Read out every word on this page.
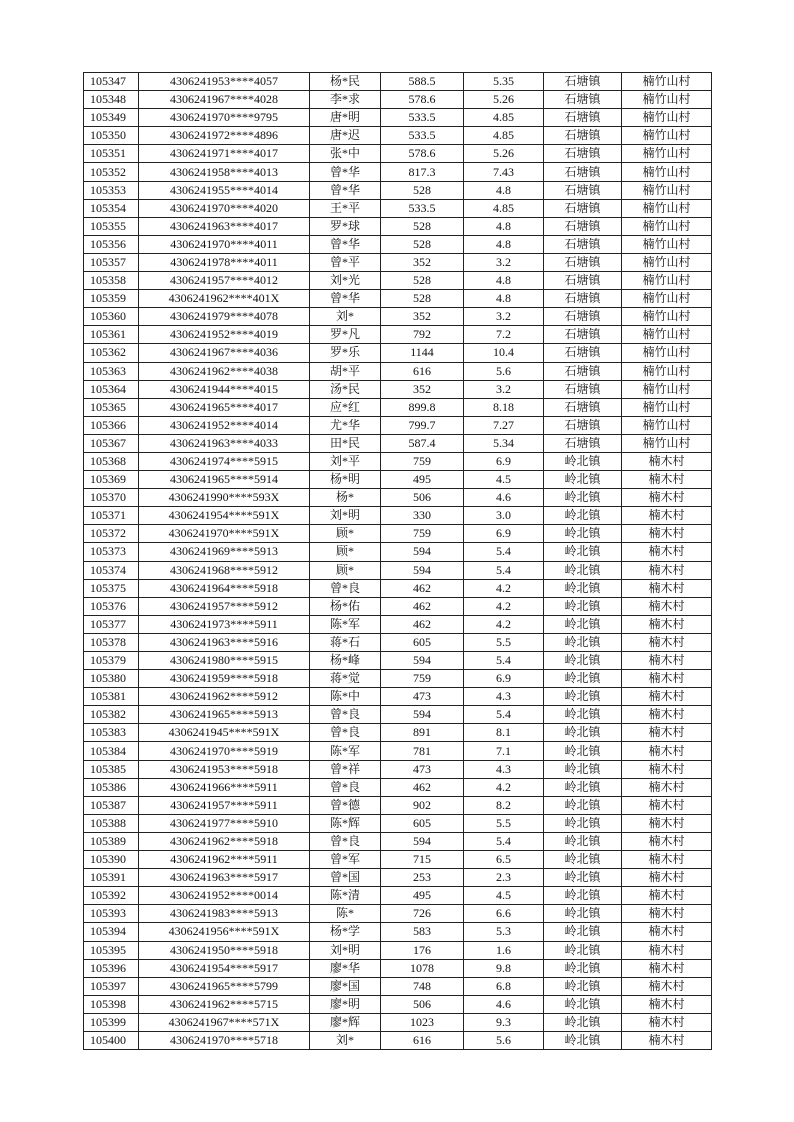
105347	4306241953****4057	杨*民	588.5	5.35	石塘镇	楠竹山村
105348	4306241967****4028	李*求	578.6	5.26	石塘镇	楠竹山村
105349	4306241970****9795	唐*明	533.5	4.85	石塘镇	楠竹山村
105350	4306241972****4896	唐*迟	533.5	4.85	石塘镇	楠竹山村
105351	4306241971****4017	张*中	578.6	5.26	石塘镇	楠竹山村
105352	4306241958****4013	曾*华	817.3	7.43	石塘镇	楠竹山村
105353	4306241955****4014	曾*华	528	4.8	石塘镇	楠竹山村
105354	4306241970****4020	王*平	533.5	4.85	石塘镇	楠竹山村
105355	4306241963****4017	罗*球	528	4.8	石塘镇	楠竹山村
105356	4306241970****4011	曾*华	528	4.8	石塘镇	楠竹山村
105357	4306241978****4011	曾*平	352	3.2	石塘镇	楠竹山村
105358	4306241957****4012	刘*光	528	4.8	石塘镇	楠竹山村
105359	4306241962****401X	曾*华	528	4.8	石塘镇	楠竹山村
105360	4306241979****4078	刘*	352	3.2	石塘镇	楠竹山村
105361	4306241952****4019	罗*凡	792	7.2	石塘镇	楠竹山村
105362	4306241967****4036	罗*乐	1144	10.4	石塘镇	楠竹山村
105363	4306241962****4038	胡*平	616	5.6	石塘镇	楠竹山村
105364	4306241944****4015	汤*民	352	3.2	石塘镇	楠竹山村
105365	4306241965****4017	应*红	899.8	8.18	石塘镇	楠竹山村
105366	4306241952****4014	尤*华	799.7	7.27	石塘镇	楠竹山村
105367	4306241963****4033	田*民	587.4	5.34	石塘镇	楠竹山村
105368	4306241974****5915	刘*平	759	6.9	岭北镇	楠木村
105369	4306241965****5914	杨*明	495	4.5	岭北镇	楠木村
105370	4306241990****593X	杨*	506	4.6	岭北镇	楠木村
105371	4306241954****591X	刘*明	330	3.0	岭北镇	楠木村
105372	4306241970****591X	顾*	759	6.9	岭北镇	楠木村
105373	4306241969****5913	顾*	594	5.4	岭北镇	楠木村
105374	4306241968****5912	顾*	594	5.4	岭北镇	楠木村
105375	4306241964****5918	曾*良	462	4.2	岭北镇	楠木村
105376	4306241957****5912	杨*佑	462	4.2	岭北镇	楠木村
105377	4306241973****5911	陈*军	462	4.2	岭北镇	楠木村
105378	4306241963****5916	蒋*石	605	5.5	岭北镇	楠木村
105379	4306241980****5915	杨*峰	594	5.4	岭北镇	楠木村
105380	4306241959****5918	蒋*觉	759	6.9	岭北镇	楠木村
105381	4306241962****5912	陈*中	473	4.3	岭北镇	楠木村
105382	4306241965****5913	曾*良	594	5.4	岭北镇	楠木村
105383	4306241945****591X	曾*良	891	8.1	岭北镇	楠木村
105384	4306241970****5919	陈*军	781	7.1	岭北镇	楠木村
105385	4306241953****5918	曾*祥	473	4.3	岭北镇	楠木村
105386	4306241966****5911	曾*良	462	4.2	岭北镇	楠木村
105387	4306241957****5911	曾*德	902	8.2	岭北镇	楠木村
105388	4306241977****5910	陈*辉	605	5.5	岭北镇	楠木村
105389	4306241962****5918	曾*良	594	5.4	岭北镇	楠木村
105390	4306241962****5911	曾*军	715	6.5	岭北镇	楠木村
105391	4306241963****5917	曾*国	253	2.3	岭北镇	楠木村
105392	4306241952****0014	陈*清	495	4.5	岭北镇	楠木村
105393	4306241983****5913	陈*	726	6.6	岭北镇	楠木村
105394	4306241956****591X	杨*学	583	5.3	岭北镇	楠木村
105395	4306241950****5918	刘*明	176	1.6	岭北镇	楠木村
105396	4306241954****5917	廖*华	1078	9.8	岭北镇	楠木村
105397	4306241965****5799	廖*国	748	6.8	岭北镇	楠木村
105398	4306241962****5715	廖*明	506	4.6	岭北镇	楠木村
105399	4306241967****571X	廖*辉	1023	9.3	岭北镇	楠木村
105400	4306241970****5718	刘*	616	5.6	岭北镇	楠木村
